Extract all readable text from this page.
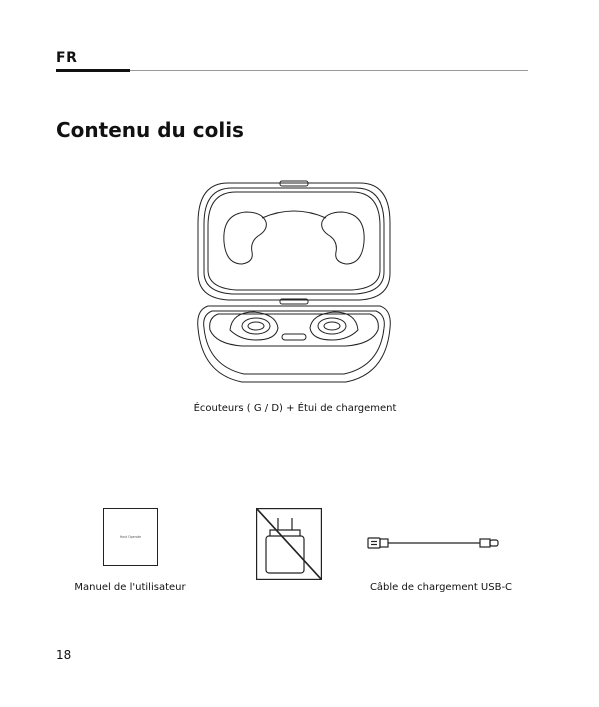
FR
Contenu du colis
Écouteurs ( G / D) + Étui de chargement
Host Operate
Manuel de l'utilisateur	Câble de chargement USB-C
18
